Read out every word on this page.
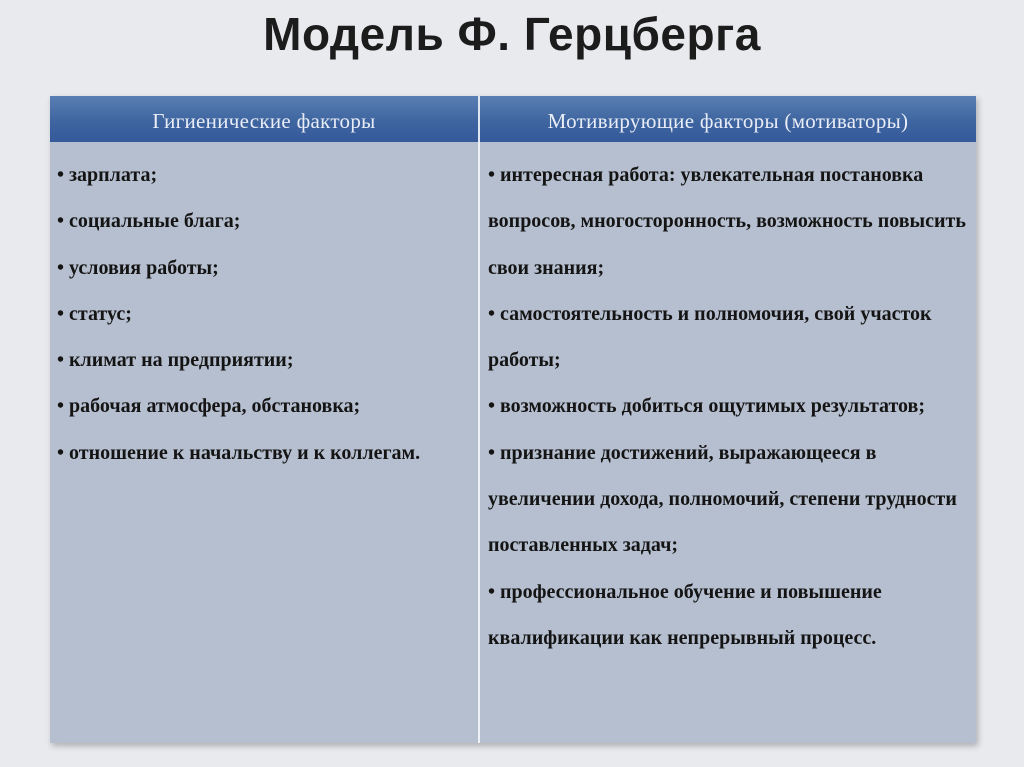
Модель Ф. Герцберга
Гигиенические факторы	Мотивирующие факторы (мотиваторы)
• зарплата;
• социальные блага;
• условия работы;
• статус;
• климат на предприятии;
• рабочая атмосфера, обстановка;
• отношение к начальству и к коллегам.
• интересная работа: увлекательная постановка вопросов, многосторонность, возможность повысить свои знания;
• самостоятельность и полномочия, свой участок работы;
• возможность добиться ощутимых результатов;
• признание достижений, выражающееся в увеличении дохода, полномочий, степени трудности поставленных задач;
• профессиональное обучение и повышение квалификации как непрерывный процесс.
